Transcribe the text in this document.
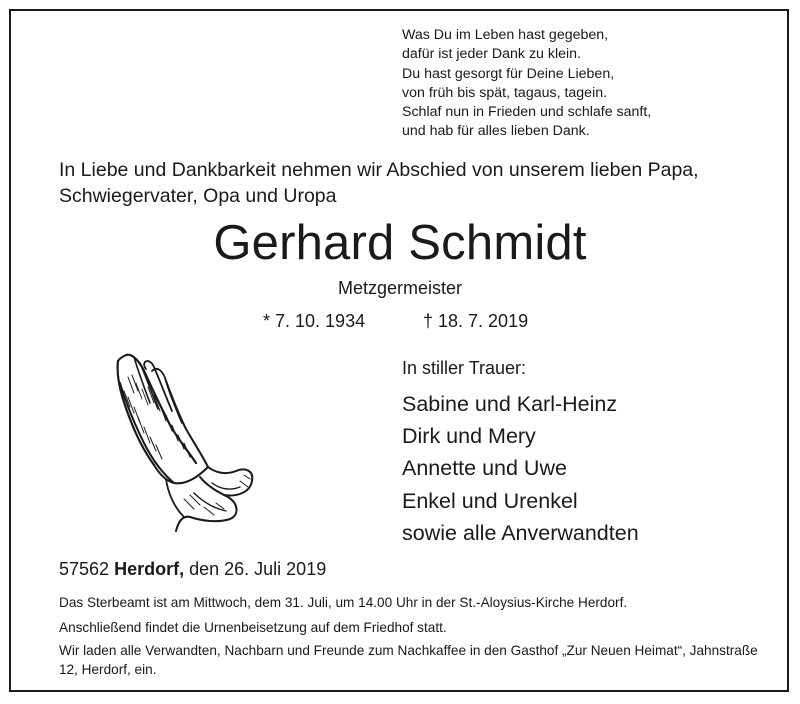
Was Du im Leben hast gegeben,
dafür ist jeder Dank zu klein.
Du hast gesorgt für Deine Lieben,
von früh bis spät, tagaus, tagein.
Schlaf nun in Frieden und schlafe sanft,
und hab für alles lieben Dank.
In Liebe und Dankbarkeit nehmen wir Abschied von unserem lieben Papa,
Schwiegervater, Opa und Uropa
Gerhard Schmidt
Metzgermeister
* 7. 10. 1934	† 18. 7. 2019
In stiller Trauer:
Sabine und Karl-Heinz
Dirk und Mery
Annette und Uwe
Enkel und Urenkel
sowie alle Anverwandten
57562 Herdorf, den 26. Juli 2019
Das Sterbeamt ist am Mittwoch, dem 31. Juli, um 14.00 Uhr in der St.-Aloysius-Kirche Herdorf.
Anschließend findet die Urnenbeisetzung auf dem Friedhof statt.
Wir laden alle Verwandten, Nachbarn und Freunde zum Nachkaffee in den Gasthof „Zur Neuen Heimat“, Jahnstraße 12, Herdorf, ein.
